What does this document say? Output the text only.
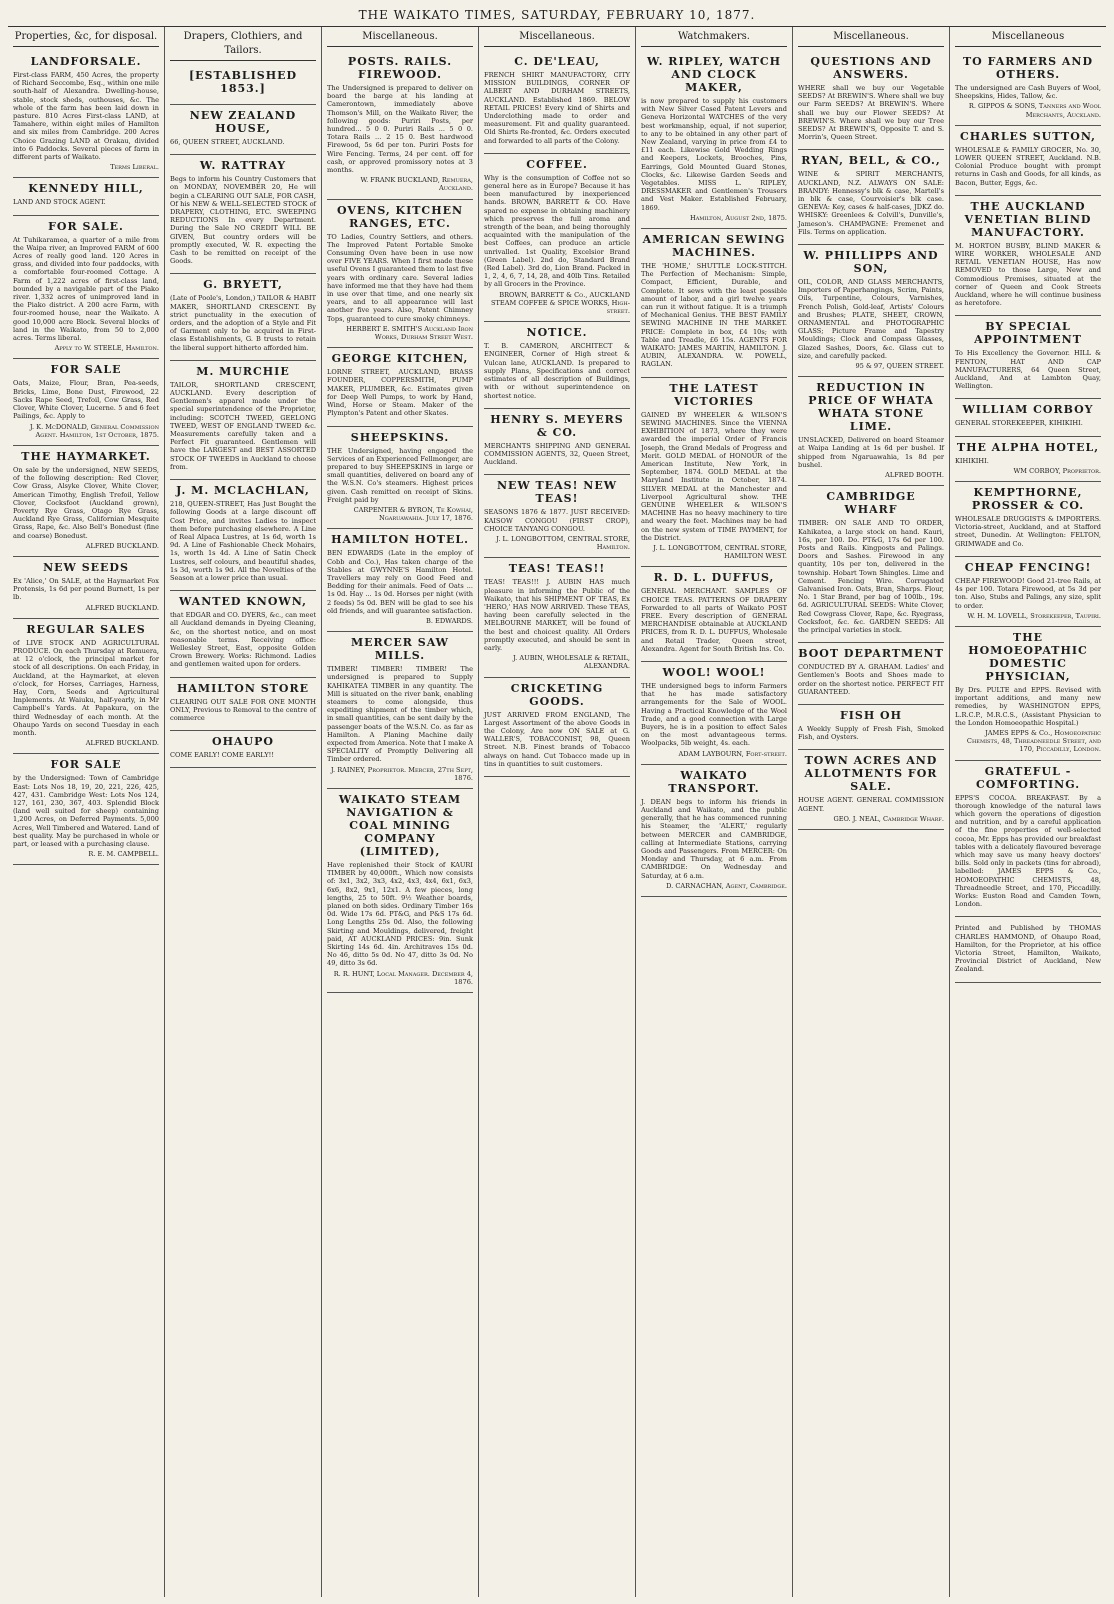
THE WAIKATO TIMES, SATURDAY, FEBRUARY 10, 1877.
Properties, &c, for disposal.
LANDFORSALE.

First-class FARM, 450 Acres, the property of Richard Seccombe, Esq., within one mile south-half of Alexandra. Dwelling-house, stable, stock sheds, outhouses, &c. The whole of the farm has been laid down in pasture. 810 Acres First-class LAND, at Tamahere, within eight miles of Hamilton and six miles from Cambridge. 200 Acres Choice Grazing LAND at Orakau, divided into 6 Paddocks. Several pieces of farm in different parts of Waikato.

Terms Liberal.

KENNEDY HILL,

LAND AND STOCK AGENT.

FOR SALE.

At Tuhikaramea, a quarter of a mile from the Waipa river, an Improved FARM of 600 Acres of really good land. 120 Acres in grass, and divided into four paddocks, with a comfortable four-roomed Cottage. A Farm of 1,222 acres of first-class land, bounded by a navigable part of the Piako river. 1,332 acres of unimproved land in the Piako district. A 200 acre Farm, with four-roomed house, near the Waikato. A good 10,000 acre Block. Several blocks of land in the Waikato, from 50 to 2,000 acres. Terms liberal.

Apply to W. STEELE, Hamilton.

FOR SALE

Oats, Maize, Flour, Bran, Pea-seeds, Bricks, Lime, Bone Dust, Firewood, 22 Sacks Rape Seed, Trefoil, Cow Grass, Red Clover, White Clover, Lucerne. 5 and 6 feet Pailings, &c. Apply to

J. K. McDONALD, General Commission Agent. Hamilton, 1st October, 1875.

THE HAYMARKET.

On sale by the undersigned, NEW SEEDS, of the following description: Red Clover, Cow Grass, Alsyke Clover, White Clover, American Timothy, English Trefoil, Yellow Clover, Cocksfoot (Auckland grown), Poverty Rye Grass, Otago Rye Grass, Auckland Rye Grass, Californian Mesquite Grass, Rape, &c. Also Bell's Bonedust (fine and coarse) Bonedust.

ALFRED BUCKLAND.

NEW SEEDS

Ex 'Alice,' On SALE, at the Haymarket Fox Protensis, 1s 6d per pound Burnett, 1s per lb.

ALFRED BUCKLAND.

REGULAR SALES

of LIVE STOCK AND AGRICULTURAL PRODUCE. On each Thursday at Remuera, at 12 o'clock, the principal market for stock of all descriptions. On each Friday, in Auckland, at the Haymarket, at eleven o'clock, for Horses, Carriages, Harness, Hay, Corn, Seeds and Agricultural Implements. At Waiuku, half-yearly, in Mr Campbell's Yards. At Papakura, on the third Wednesday of each month. At the Ohaupo Yards on second Tuesday in each month.

ALFRED BUCKLAND.

FOR SALE

by the Undersigned: Town of Cambridge East: Lots Nos 18, 19, 20, 221, 226, 425, 427, 431. Cambridge West: Lots Nos 124, 127, 161, 230, 367, 403. Splendid Block (land well suited for sheep) containing 1,200 Acres, on Deferred Payments. 5,000 Acres, Well Timbered and Watered. Land of best quality. May be purchased in whole or part, or leased with a purchasing clause.

R. E. M. CAMPBELL.

Drapers, Clothiers, and Tailors.
[ESTABLISHED 1853.]

NEW ZEALAND HOUSE,

66, QUEEN STREET, AUCKLAND.

W. RATTRAY

Begs to inform his Country Customers that on MONDAY, NOVEMBER 20, He will begin a CLEARING OUT SALE, FOR CASH, Of his NEW & WELL-SELECTED STOCK of DRAPERY, CLOTHING, ETC. SWEEPING REDUCTIONS In every Department. During the Sale NO CREDIT WILL BE GIVEN, But country orders will be promptly executed, W. R. expecting the Cash to be remitted on receipt of the Goods.

G. BRYETT,

(Late of Poole's, London,) TAILOR & HABIT MAKER, SHORTLAND CRESCENT. By strict punctuality in the execution of orders, and the adoption of a Style and Fit of Garment only to be acquired in First-class Establishments, G. B trusts to retain the liberal support hitherto afforded him.

M. MURCHIE

TAILOR, SHORTLAND CRESCENT, AUCKLAND. Every description of Gentlemen's apparel made under the special superintendence of the Proprietor, including: SCOTCH TWEED, GEELONG TWEED, WEST OF ENGLAND TWEED &c. Measurements carefully taken and a Perfect Fit guaranteed. Gentlemen will have the LARGEST and BEST ASSORTED STOCK OF TWEEDS in Auckland to choose from.

J. M. MCLACHLAN,

218, QUEEN-STREET, Has Just Bought the following Goods at a large discount off Cost Price, and invites Ladies to inspect them before purchasing elsewhere. A Line of Real Alpaca Lustres, at 1s 6d, worth 1s 9d. A Line of Fashionable Check Mohairs, 1s, worth 1s 4d. A Line of Satin Check Lustres, self colours, and beautiful shades, 1s 3d, worth 1s 9d. All the Novelties of the Season at a lower price than usual.

WANTED KNOWN,

that EDGAR and CO. DYERS, &c., can meet all Auckland demands in Dyeing Cleaning, &c, on the shortest notice, and on most reasonable terms. Receiving office: Wellesley Street, East, opposite Golden Crown Brewery. Works: Richmond. Ladies and gentlemen waited upon for orders.

HAMILTON STORE

CLEARING OUT SALE FOR ONE MONTH ONLY, Previous to Removal to the centre of commerce

OHAUPO

COME EARLY! COME EARLY!!

Miscellaneous.
POSTS. RAILS. FIREWOOD.

The Undersigned is prepared to deliver on board the barge at his landing at Camerontown, immediately above Thomson's Mill, on the Waikato River, the following goods: Puriri Posts, per hundred... 5 0 0. Puriri Rails ... 5 0 0. Totara Rails ... 2 15 0. Best hardwood Firewood, 5s 6d per ton. Puriri Posts for Wire Fencing. Terms, 24 per cent. off for cash, or approved promissory notes at 3 months.

W. FRANK BUCKLAND, Remuera, Auckland.

OVENS, KITCHEN RANGES, ETC.

TO Ladies, Country Settlers, and others. The Improved Patent Portable Smoke Consuming Oven have been in use now over FIVE YEARS. When I first made these useful Ovens I guaranteed them to last five years with ordinary care. Several ladies have informed me that they have had them in use over that time, and one nearly six years, and to all appearance will last another five years. Also, Patent Chimney Tops, guaranteed to cure smoky chimneys.

HERBERT E. SMITH'S Auckland Iron Works, Durham Street West.

GEORGE KITCHEN,

LORNE STREET, AUCKLAND, BRASS FOUNDER, COPPERSMITH, PUMP MAKER, PLUMBER, &c. Estimates given for Deep Well Pumps, to work by Hand, Wind, Horse or Steam. Maker of the Plympton's Patent and other Skates.

SHEEPSKINS.

THE Undersigned, having engaged the Services of an Experienced Fellmonger, are prepared to buy SHEEPSKINS in large or small quantities, delivered on board any of the W.S.N. Co's steamers. Highest prices given. Cash remitted on receipt of Skins. Freight paid by

CARPENTER & BYRON, Te Kowhai, Ngaruawahia. July 17, 1876.

HAMILTON HOTEL.

BEN EDWARDS (Late in the employ of Cobb and Co.), Has taken charge of the Stables at GWYNNE'S Hamilton Hotel. Travellers may rely on Good Feed and Bedding for their animals. Feed of Oats ... 1s 0d. Hay ... 1s 0d. Horses per night (with 2 feeds) 5s 0d. BEN will be glad to see his old friends, and will guarantee satisfaction.

B. EDWARDS.

MERCER SAW MILLS.

TIMBER! TIMBER! TIMBER! The undersigned is prepared to Supply KAHIKATEA TIMBER in any quantity. The Mill is situated on the river bank, enabling steamers to come alongside, thus expediting shipment of the timber which, in small quantities, can be sent daily by the passenger boats of the W.S.N. Co. as far as Hamilton. A Planing Machine daily expected from America. Note that I make A SPECIALITY of Promptly Delivering all Timber ordered.

J. RAINEY, Proprietor. Mercer, 27th Sept, 1876.

WAIKATO STEAM NAVIGATION & COAL MINING COMPANY (LIMITED),

Have replenished their Stock of KAURI TIMBER by 40,000ft., Which now consists of: 3x1, 3x2, 3x3, 4x2, 4x3, 4x4, 6x1, 6x3, 6x6, 8x2, 9x1, 12x1. A few pieces, long lengths, 25 to 50ft. 9½ Weather boards, planed on both sides. Ordinary Timber 16s 0d. Wide 17s 6d. PT&G, and P&S 17s 6d. Long Lengths 25s 0d. Also, the following Skirting and Mouldings, delivered, freight paid, AT AUCKLAND PRICES: 9in. Sunk Skirting 14s 6d. 4in. Architraves 15s 0d. No 46, ditto 5s 0d. No 47, ditto 3s 0d. No 49, ditto 3s 6d.

R. R. HUNT, Local Manager. December 4, 1876.

Miscellaneous.
C. DE'LEAU,

FRENCH SHIRT MANUFACTORY, CITY MISSION BUILDINGS, CORNER OF ALBERT AND DURHAM STREETS, AUCKLAND. Established 1869. BELOW RETAIL PRICES! Every kind of Shirts and Underclothing made to order and measurement. Fit and quality guaranteed. Old Shirts Re-fronted, &c. Orders executed and forwarded to all parts of the Colony.

COFFEE.

Why is the consumption of Coffee not so general here as in Europe? Because it has been manufactured by inexperienced hands. BROWN, BARRETT & CO. Have spared no expense in obtaining machinery which preserves the full aroma and strength of the bean, and being thoroughly acquainted with the manipulation of the best Coffees, can produce an article unrivalled. 1st Quality, Excelsior Brand (Green Label). 2nd do, Standard Brand (Red Label). 3rd do, Lion Brand. Packed in 1, 2, 4, 6, 7, 14, 28, and 40lb Tins. Retailed by all Grocers in the Province.

BROWN, BARRETT & Co., AUCKLAND STEAM COFFEE & SPICE WORKS, High-street.

NOTICE.

T. B. CAMERON, ARCHITECT & ENGINEER, Corner of High street & Vulcan lane, AUCKLAND. Is prepared to supply Plans, Specifications and correct estimates of all description of Buildings, with or without superintendence on shortest notice.

HENRY S. MEYERS & CO.

MERCHANTS SHIPPING AND GENERAL COMMISSION AGENTS, 32, Queen Street, Auckland.

NEW TEAS! NEW TEAS!

SEASONS 1876 & 1877. JUST RECEIVED: KAISOW CONGOU (FIRST CROP), CHOICE TANYANG CONGOU.

J. L. LONGBOTTOM, CENTRAL STORE, Hamilton.

TEAS! TEAS!!

TEAS! TEAS!!! J. AUBIN HAS much pleasure in informing the Public of the Waikato, that his SHIPMENT OF TEAS, Ex 'HERO,' HAS NOW ARRIVED. These TEAS, having been carefully selected in the MELBOURNE MARKET, will be found of the best and choicest quality. All Orders promptly executed, and should be sent in early.

J. AUBIN, WHOLESALE & RETAIL, ALEXANDRA.

CRICKETING GOODS.

JUST ARRIVED FROM ENGLAND, The Largest Assortment of the above Goods in the Colony, Are now ON SALE at G. WALLER'S, TOBACCONIST, 98, Queen Street. N.B. Finest brands of Tobacco always on hand. Cut Tobacco made up in tins in quantities to suit customers.

Watchmakers.
W. RIPLEY, WATCH AND CLOCK MAKER,

is now prepared to supply his customers with New Silver Cased Patent Levers and Geneva Horizontal WATCHES of the very best workmanship, equal, if not superior, to any to be obtained in any other part of New Zealand, varying in price from £4 to £11 each. Likewise Gold Wedding Rings and Keepers, Lockets, Brooches, Pins, Earrings, Gold Mounted Guard Stones, Clocks, &c. Likewise Garden Seeds and Vegetables. MISS L. RIPLEY, DRESSMAKER and Gentlemen's Trousers and Vest Maker. Established February, 1869.

Hamilton, August 2nd, 1875.

AMERICAN SEWING MACHINES.

THE 'HOME,' SHUTTLE LOCK-STITCH. The Perfection of Mechanism: Simple, Compact, Efficient, Durable, and Complete. It sews with the least possible amount of labor, and a girl twelve years can run it without fatigue. It is a triumph of Mechanical Genius. THE BEST FAMILY SEWING MACHINE IN THE MARKET. PRICE: Complete in box, £4 10s; with Table and Treadle, £6 15s. AGENTS FOR WAIKATO: JAMES MARTIN, HAMILTON. J. AUBIN, ALEXANDRA. W. POWELL, RAGLAN.

THE LATEST VICTORIES

GAINED BY WHEELER & WILSON'S SEWING MACHINES. Since the VIENNA EXHIBITION of 1873, where they were awarded the imperial Order of Francis Joseph, the Grand Medals of Progress and Merit. GOLD MEDAL of HONOUR of the American Institute, New York, in September, 1874. GOLD MEDAL at the Maryland Institute in October, 1874. SILVER MEDAL at the Manchester and Liverpool Agricultural show. THE GENUINE WHEELER & WILSON'S MACHINE Has no heavy machinery to tire and weary the feet. Machines may be had on the new system of TIME PAYMENT, for the District.

J. L. LONGBOTTOM, CENTRAL STORE, HAMILTON WEST.

R. D. L. DUFFUS,

GENERAL MERCHANT. SAMPLES OF CHOICE TEAS. PATTERNS OF DRAPERY Forwarded to all parts of Waikato POST FREE. Every description of GENERAL MERCHANDISE obtainable at AUCKLAND PRICES, from R. D. L. DUFFUS, Wholesale and Retail Trader, Queen street, Alexandra. Agent for South British Ins. Co.

WOOL! WOOL!

THE undersigned begs to inform Farmers that he has made satisfactory arrangements for the Sale of WOOL. Having a Practical Knowledge of the Wool Trade, and a good connection with Large Buyers, he is in a position to effect Sales on the most advantageous terms. Woolpacks, 5lb weight, 4s. each.

ADAM LAYBOURN, Fort-street.

WAIKATO TRANSPORT.

J. DEAN begs to inform his friends in Auckland and Waikato, and the public generally, that he has commenced running his Steamer, the 'ALERT,' regularly between MERCER and CAMBRIDGE, calling at Intermediate Stations, carrying Goods and Passengers. From MERCER: On Monday and Thursday, at 6 a.m. From CAMBRIDGE: On Wednesday and Saturday, at 6 a.m.

D. CARNACHAN, Agent, Cambridge.

Miscellaneous.
QUESTIONS AND ANSWERS.

WHERE shall we buy our Vegetable SEEDS? At BREWIN'S. Where shall we buy our Farm SEEDS? At BREWIN'S. Where shall we buy our Flower SEEDS? At BREWIN'S. Where shall we buy our Tree SEEDS? At BREWIN'S, Opposite T. and S. Morrin's, Queen Street.

RYAN, BELL, & CO.,

WINE & SPIRIT MERCHANTS, AUCKLAND, N.Z. ALWAYS ON SALE: BRANDY: Hennessy's blk & case, Martell's in blk & case, Courvoisier's blk case. GENEVA: Key, cases & half-cases, JDKZ do. WHISKY: Greenlees & Colvill's, Dunville's, Jameson's. CHAMPAGNE: Fremenet and Fils. Terms on application.

W. PHILLIPPS AND SON,

OIL, COLOR, AND GLASS MERCHANTS, Importers of Paperhangings, Scrim, Paints, Oils, Turpentine, Colours, Varnishes, French Polish, Gold-leaf, Artists' Colours and Brushes; PLATE, SHEET, CROWN, ORNAMENTAL and PHOTOGRAPHIC GLASS; Picture Frame and Tapestry Mouldings; Clock and Compass Glasses, Glazed Sashes, Doors, &c. Glass cut to size, and carefully packed.

95 & 97, QUEEN STREET.

REDUCTION IN PRICE OF WHATA WHATA STONE LIME.

UNSLACKED, Delivered on board Steamer at Waipa Landing at 1s 6d per bushel. If shipped from Ngaruawahia, 1s 8d per bushel.

ALFRED BOOTH.

CAMBRIDGE WHARF

TIMBER: ON SALE AND TO ORDER, Kahikatea, a large stock on hand. Kauri, 16s, per 100. Do. PT&G, 17s 6d per 100. Posts and Rails. Kingposts and Palings. Doors and Sashes. Firewood in any quantity, 10s per ton, delivered in the township. Hobart Town Shingles. Lime and Cement. Fencing Wire. Corrugated Galvanised Iron. Oats, Bran, Sharps. Flour, No. 1 Star Brand, per bag of 100lb., 19s. 6d. AGRICULTURAL SEEDS: White Clover, Red Cowgrass Clover, Rape, &c. Ryegrass, Cocksfoot, &c. &c. GARDEN SEEDS: All the principal varieties in stock.

BOOT DEPARTMENT

CONDUCTED BY A. GRAHAM. Ladies' and Gentlemen's Boots and Shoes made to order on the shortest notice. PERFECT FIT GUARANTEED.

FISH OH

A Weekly Supply of Fresh Fish, Smoked Fish, and Oysters.

TOWN ACRES AND ALLOTMENTS FOR SALE.

HOUSE AGENT. GENERAL COMMISSION AGENT.

GEO. J. NEAL, Cambridge Wharf.

Miscellaneous
TO FARMERS AND OTHERS.

The undersigned are Cash Buyers of Wool, Sheepskins, Hides, Tallow, &c.

R. GIPPOS & SONS, Tanners and Wool Merchants, Auckland.

CHARLES SUTTON,

WHOLESALE & FAMILY GROCER, No. 30, LOWER QUEEN STREET, Auckland. N.B. Colonial Produce bought with prompt returns in Cash and Goods, for all kinds, as Bacon, Butter, Eggs, &c.

THE AUCKLAND VENETIAN BLIND MANUFACTORY.

M. HORTON BUSBY, BLIND MAKER & WIRE WORKER, WHOLESALE AND RETAIL VENETIAN HOUSE, Has now REMOVED to those Large, New and Commodious Premises, situated at the corner of Queen and Cook Streets Auckland, where he will continue business as heretofore.

BY SPECIAL APPOINTMENT

To His Excellency the Governor. HILL & FENTON, HAT AND CAP MANUFACTURERS, 64 Queen Street, Auckland, And at Lambton Quay, Wellington.

WILLIAM CORBOY

GENERAL STOREKEEPER, KIHIKIHI.

THE ALPHA HOTEL,

KIHIKIHI.

WM CORBOY, Proprietor.

KEMPTHORNE, PROSSER & CO.

WHOLESALE DRUGGISTS & IMPORTERS. Victoria-street, Auckland, and at Stafford street, Dunedin. At Wellington: FELTON, GRIMWADE and Co.

CHEAP FENCING!

CHEAP FIREWOOD! Good 21-tree Rails, at 4s per 100. Totara Firewood, at 5s 3d per ton. Also, Stubs and Palings, any size, split to order.

W. H. M. LOVELL, Storekeeper, Taupiri.

THE HOMOEOPATHIC DOMESTIC PHYSICIAN,

By Drs. PULTE and EPPS. Revised with important additions, and many new remedies, by WASHINGTON EPPS, L.R.C.P., M.R.C.S., (Assistant Physician to the London Homoeopathic Hospital.)

JAMES EPPS & Co., Homoeopathic Chemists, 48, Threadneedle Street, and 170, Piccadilly, London.

GRATEFUL - COMFORTING.

EPPS'S COCOA. BREAKFAST. By a thorough knowledge of the natural laws which govern the operations of digestion and nutrition, and by a careful application of the fine properties of well-selected cocoa, Mr. Epps has provided our breakfast tables with a delicately flavoured beverage which may save us many heavy doctors' bills. Sold only in packets (tins for abroad), labelled: JAMES EPPS & Co., HOMOEOPATHIC CHEMISTS, 48, Threadneedle Street, and 170, Piccadilly. Works: Euston Road and Camden Town, London.

Printed and Published by THOMAS CHARLES HAMMOND, of Ohaupo Road, Hamilton, for the Proprietor, at his office Victoria Street, Hamilton, Waikato, Provincial District of Auckland, New Zealand.
